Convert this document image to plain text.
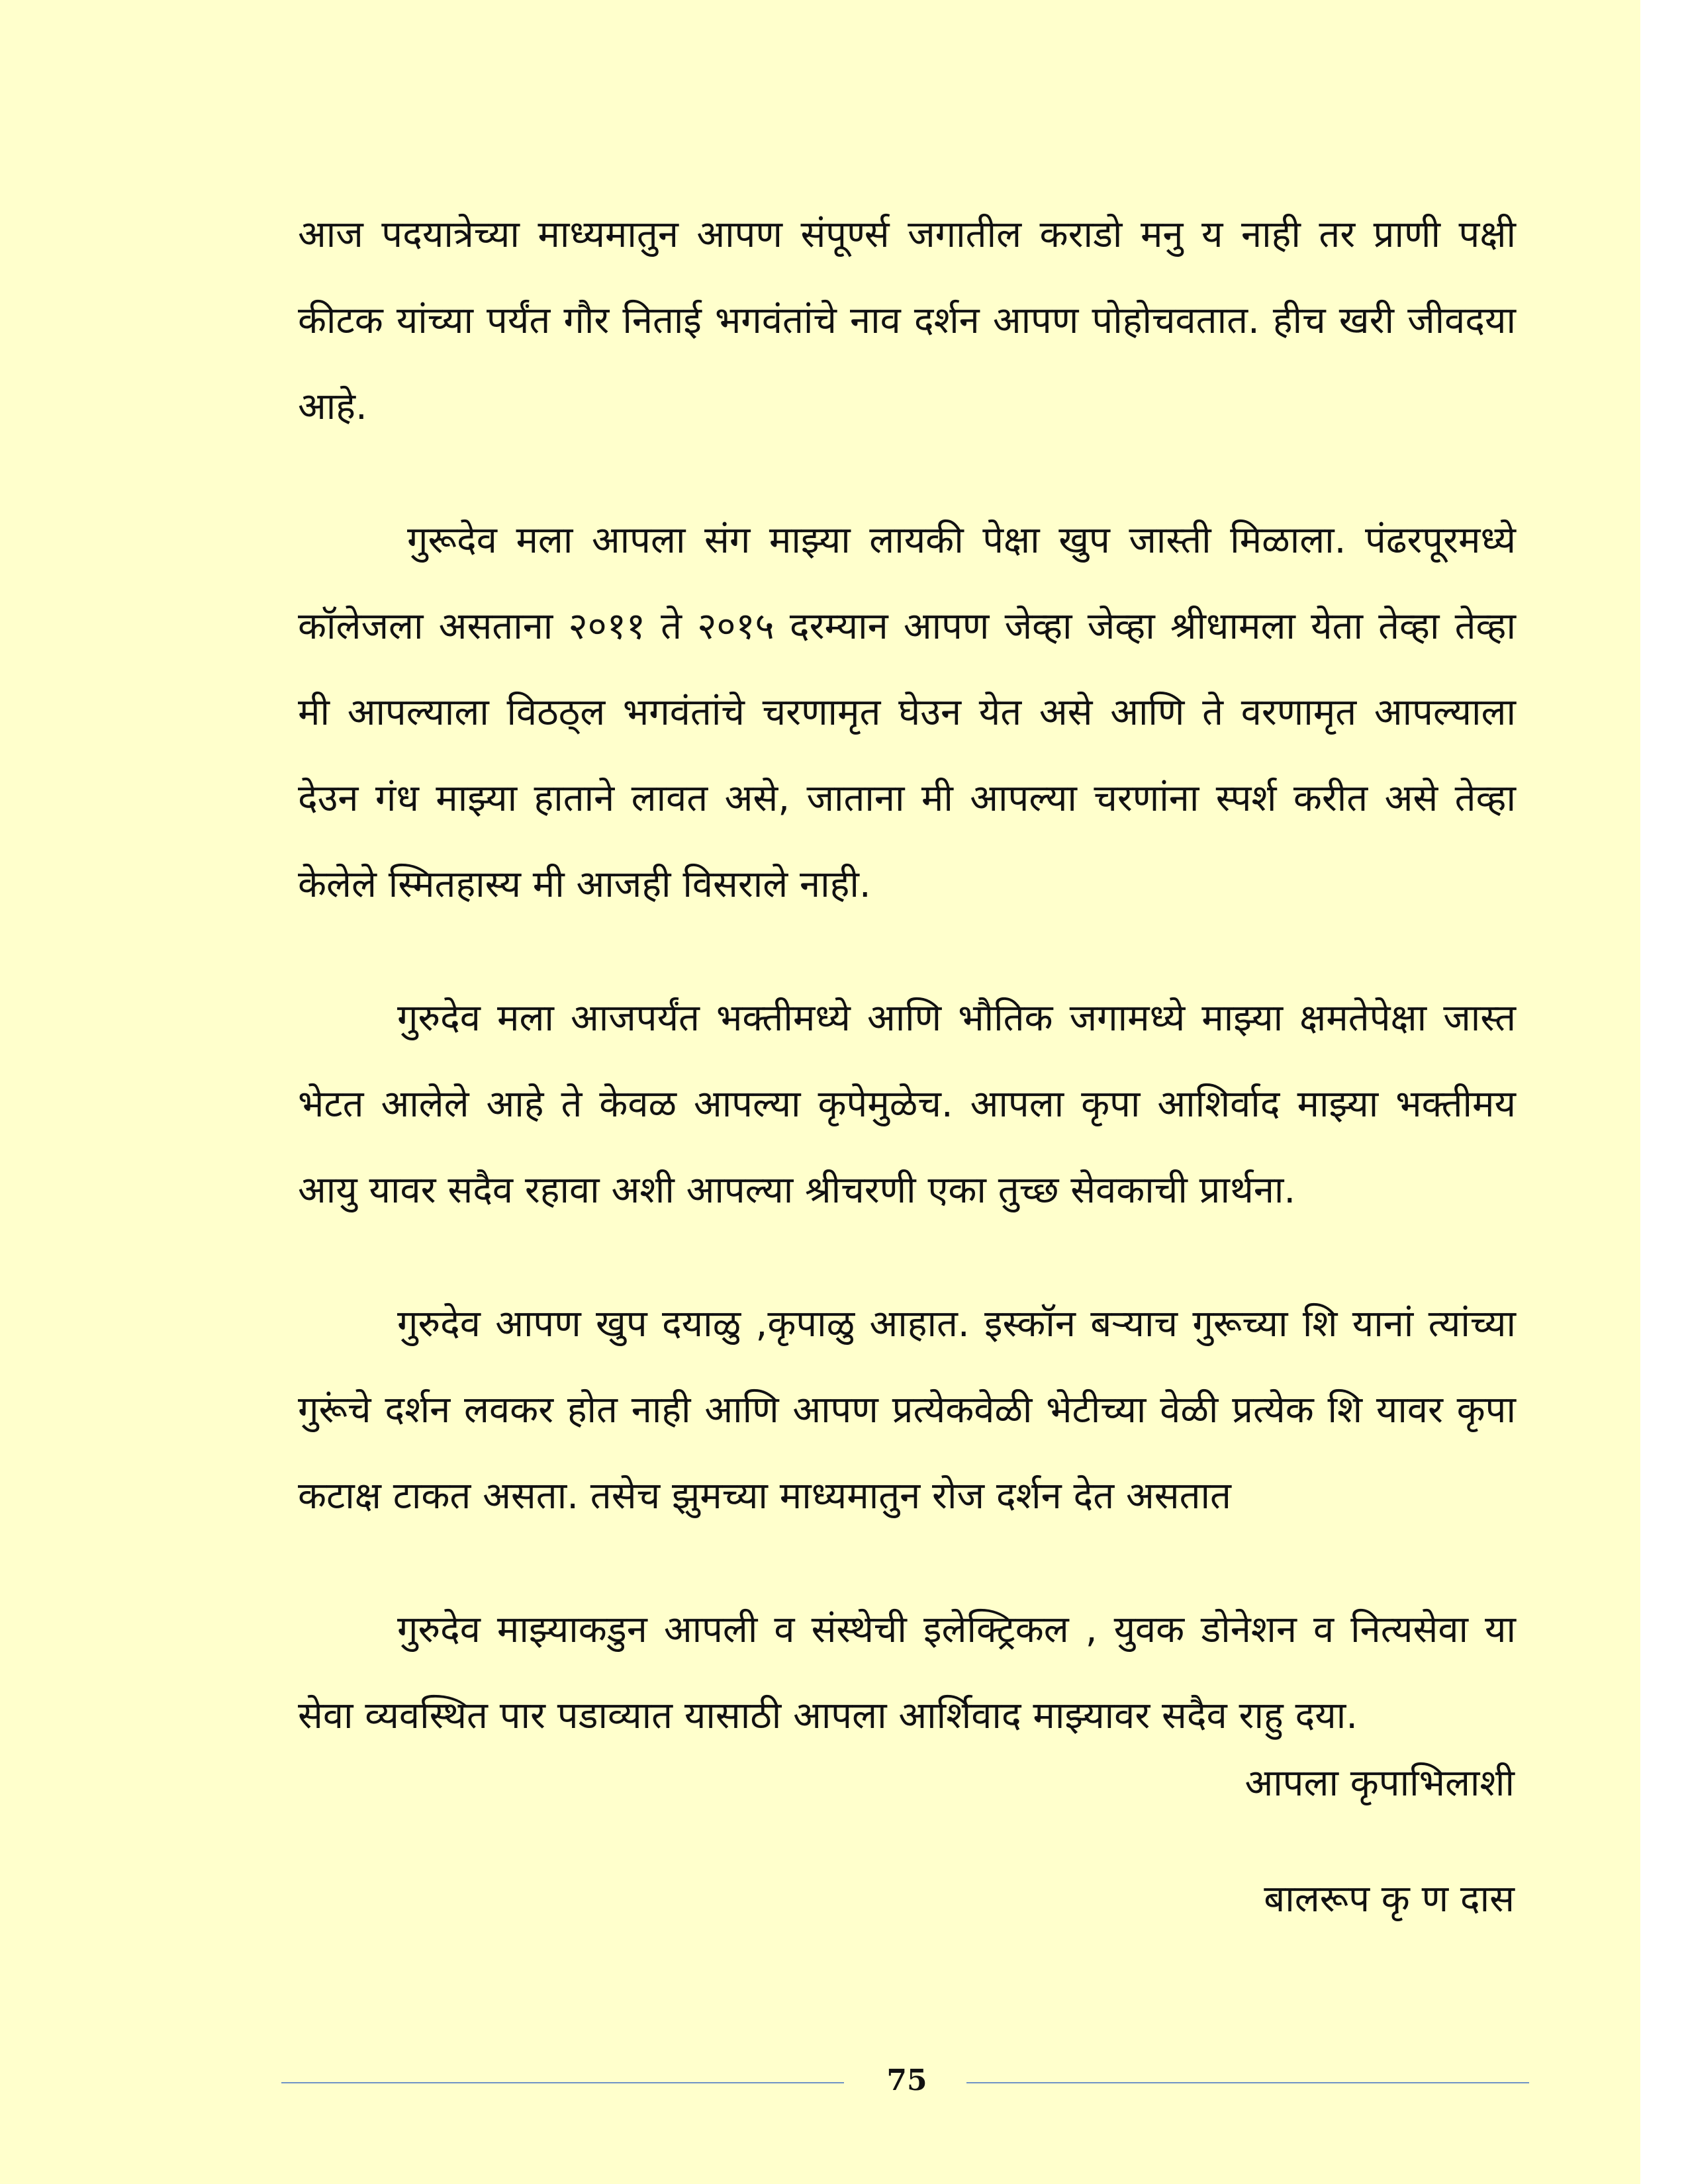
आज पदयात्रेच्या माध्यमातुन आपण संपूर्ण्स जगातील कराडो मनु य नाही तर प्राणी पक्षी कीटक यांच्या पर्यंत गौर निताई भगवंतांचे नाव दर्शन आपण पोहोचवतात. हीच खरी जीवदया आहे.

गुरूदेव मला आपला संग माझ्या लायकी पेक्षा खुप जास्ती मिळाला. पंढरपूरमध्ये कॉलेजला असताना २०११ ते २०१५ दरम्यान आपण जेव्हा जेव्हा श्रीधामला येता तेव्हा तेव्हा मी आपल्याला विठठ्ल भगवंतांचे चरणामृत घेउन येत असे आणि ते वरणामृत आपल्याला देउन गंध माझ्या हाताने लावत असे, जाताना मी आपल्या चरणांना स्पर्श करीत असे तेव्हा केलेले स्मितहास्य मी आजही विसराले नाही.

गुरुदेव मला आजपर्यंत भक्तीमध्ये आणि भौतिक जगामध्ये माझ्या क्षमतेपेक्षा जास्त भेटत आलेले आहे ते केवळ आपल्या कृपेमुळेच. आपला कृपा आशिर्वाद माझ्या भक्तीमय आयु यावर सदैव रहावा अशी आपल्या श्रीचरणी एका तुच्छ सेवकाची प्रार्थना.

गुरुदेव आपण खुप दयाळु ,कृपाळु आहात. इस्कॉन बऱ्याच गुरूच्या शि यानां त्यांच्या गुरूंचे दर्शन लवकर होत नाही आणि आपण प्रत्येकवेळी भेटीच्या वेळी प्रत्येक शि यावर कृपा कटाक्ष टाकत असता. तसेच झुमच्या माध्यमातुन रोज दर्शन देत असतात

गुरुदेव माझ्याकडुन आपली व संस्थेची इलेक्ट्रिकल , युवक डोनेशन व नित्यसेवा या सेवा व्यवस्थित पार पडाव्यात यासाठी आपला आर्शिवाद माझ्यावर सदैव राहु दया.

आपला कृपाभिलाशी
बालरूप कृ ण दास
75
